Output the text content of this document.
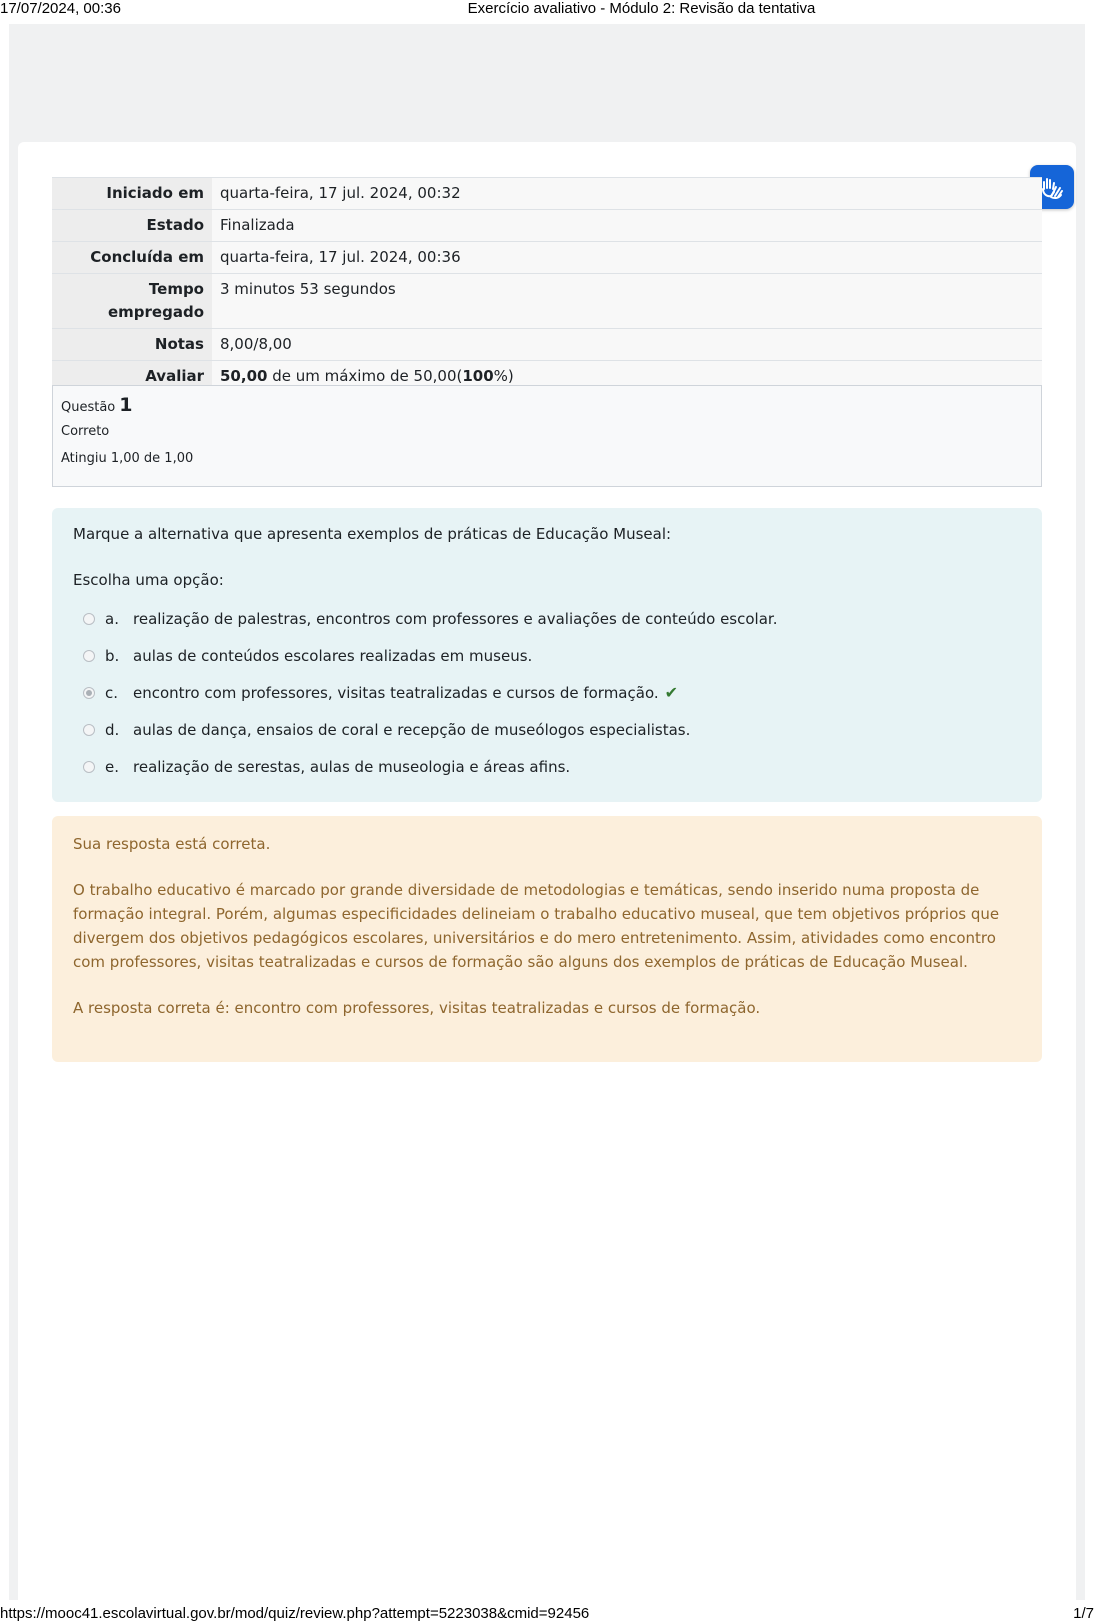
17/07/2024, 00:36	Exercício avaliativo - Módulo 2: Revisão da tentativa
Iniciado em	quarta-feira, 17 jul. 2024, 00:32
Estado	Finalizada
Concluída em	quarta-feira, 17 jul. 2024, 00:36
Tempo empregado	3 minutos 53 segundos
Notas	8,00/8,00
Avaliar	50,00 de um máximo de 50,00(100%)
Questão 1
Correto
Atingiu 1,00 de 1,00

Marque a alternativa que apresenta exemplos de práticas de Educação Museal:

Escolha uma opção:

a. realização de palestras, encontros com professores e avaliações de conteúdo escolar.
b. aulas de conteúdos escolares realizadas em museus.
c. encontro com professores, visitas teatralizadas e cursos de formação. ✔
d. aulas de dança, ensaios de coral e recepção de museólogos especialistas.
e. realização de serestas, aulas de museologia e áreas afins.

Sua resposta está correta.

O trabalho educativo é marcado por grande diversidade de metodologias e temáticas, sendo inserido numa proposta de formação integral. Porém, algumas especificidades delineiam o trabalho educativo museal, que tem objetivos próprios que divergem dos objetivos pedagógicos escolares, universitários e do mero entretenimento. Assim, atividades como encontro com professores, visitas teatralizadas e cursos de formação são alguns dos exemplos de práticas de Educação Museal.

A resposta correta é: encontro com professores, visitas teatralizadas e cursos de formação.

https://mooc41.escolavirtual.gov.br/mod/quiz/review.php?attempt=5223038&cmid=92456	1/7
